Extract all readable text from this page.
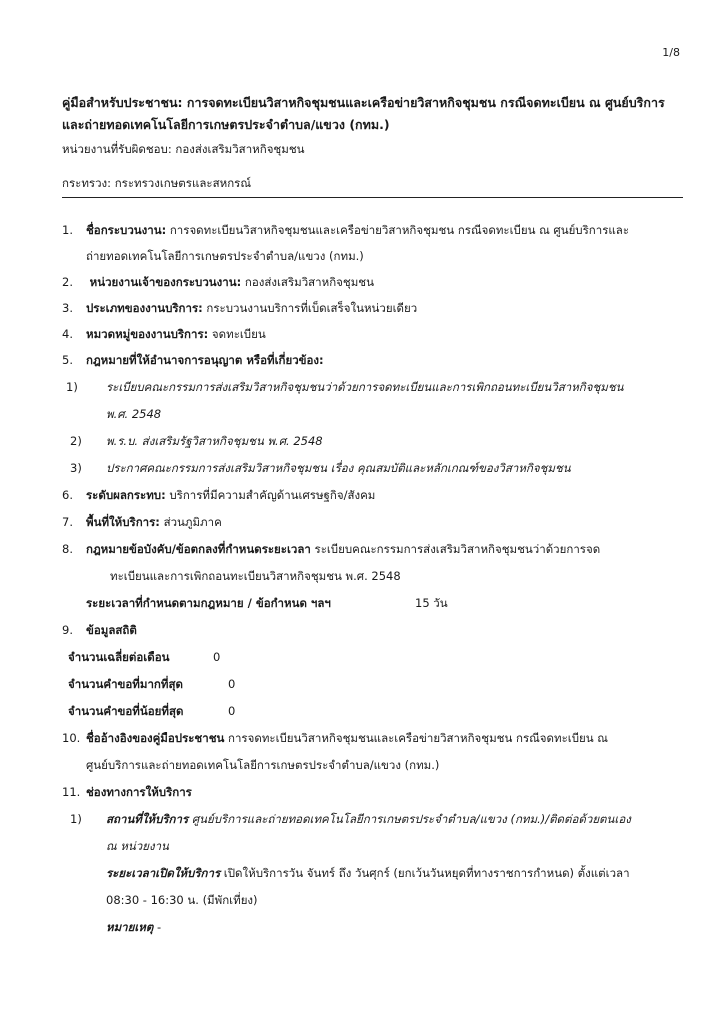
1/8
คู่มือสำหรับประชาชน: การจดทะเบียนวิสาหกิจชุมชนและเครือข่ายวิสาหกิจชุมชน กรณีจดทะเบียน ณ ศูนย์บริการและถ่ายทอดเทคโนโลยีการเกษตรประจำตำบล/แขวง (กทม.)
หน่วยงานที่รับผิดชอบ: กองส่งเสริมวิสาหกิจชุมชน
กระทรวง: กระทรวงเกษตรและสหกรณ์
1. ชื่อกระบวนงาน: การจดทะเบียนวิสาหกิจชุมชนและเครือข่ายวิสาหกิจชุมชน กรณีจดทะเบียน ณ ศูนย์บริการและ
ถ่ายทอดเทคโนโลยีการเกษตรประจำตำบล/แขวง (กทม.)
2. หน่วยงานเจ้าของกระบวนงาน: กองส่งเสริมวิสาหกิจชุมชน
3. ประเภทของงานบริการ: กระบวนงานบริการที่เบ็ดเสร็จในหน่วยเดียว
4. หมวดหมู่ของงานบริการ: จดทะเบียน
5. กฎหมายที่ให้อำนาจการอนุญาต หรือที่เกี่ยวข้อง:
1) ระเบียบคณะกรรมการส่งเสริมวิสาหกิจชุมชนว่าด้วยการจดทะเบียนและการเพิกถอนทะเบียนวิสาหกิจชุมชน
พ.ศ. 2548
2) พ.ร.บ. ส่งเสริมรัฐวิสาหกิจชุมชน พ.ศ. 2548
3) ประกาศคณะกรรมการส่งเสริมวิสาหกิจชุมชน เรื่อง คุณสมบัติและหลักเกณฑ์ของวิสาหกิจชุมชน
6. ระดับผลกระทบ: บริการที่มีความสำคัญด้านเศรษฐกิจ/สังคม
7. พื้นที่ให้บริการ: ส่วนภูมิภาค
8. กฎหมายข้อบังคับ/ข้อตกลงที่กำหนดระยะเวลา ระเบียบคณะกรรมการส่งเสริมวิสาหกิจชุมชนว่าด้วยการจด
ทะเบียนและการเพิกถอนทะเบียนวิสาหกิจชุมชน พ.ศ. 2548
ระยะเวลาที่กำหนดตามกฎหมาย / ข้อกำหนด ฯลฯ	15 วัน
9. ข้อมูลสถิติ
จำนวนเฉลี่ยต่อเดือน	0
จำนวนคำขอที่มากที่สุด	0
จำนวนคำขอที่น้อยที่สุด	0
10. ชื่ออ้างอิงของคู่มือประชาชน การจดทะเบียนวิสาหกิจชุมชนและเครือข่ายวิสาหกิจชุมชน กรณีจดทะเบียน ณ
ศูนย์บริการและถ่ายทอดเทคโนโลยีการเกษตรประจำตำบล/แขวง (กทม.)
11. ช่องทางการให้บริการ
1) สถานที่ให้บริการ ศูนย์บริการและถ่ายทอดเทคโนโลยีการเกษตรประจำตำบล/แขวง (กทม.)/ติดต่อด้วยตนเอง
ณ หน่วยงาน
ระยะเวลาเปิดให้บริการ เปิดให้บริการวัน จันทร์ ถึง วันศุกร์ (ยกเว้นวันหยุดที่ทางราชการกำหนด) ตั้งแต่เวลา
08:30 - 16:30 น. (มีพักเที่ยง)
หมายเหตุ -
